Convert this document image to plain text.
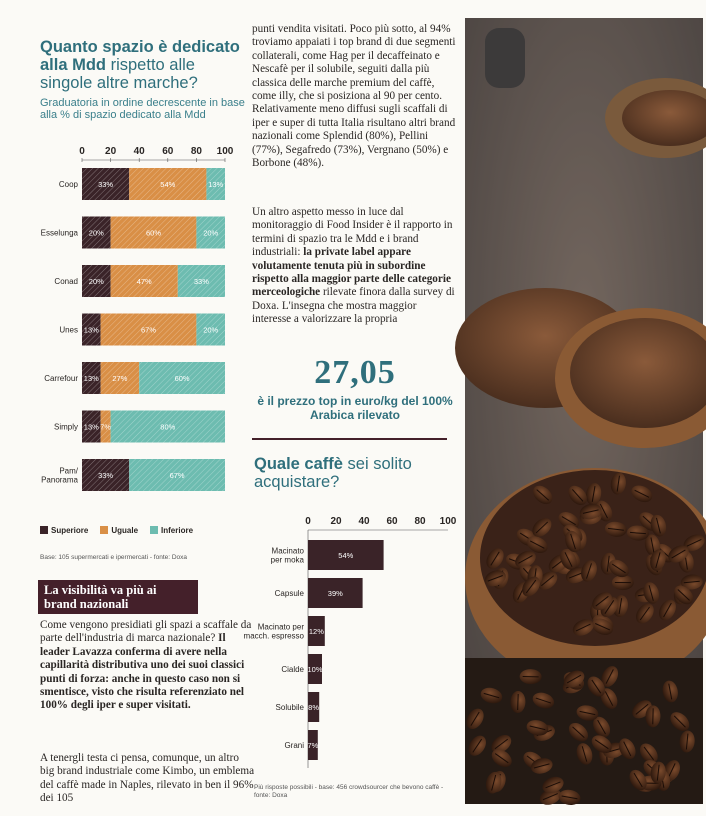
Quanto spazio è dedicato alla Mdd rispetto alle singole altre marche?
Graduatoria in ordine decrescente in base alla % di spazio dedicato alla Mdd
0 20 40 60 80 100
Coop	33%	54%	13%
Esselunga 20%	60%	20%
Conad 20%	47%	33%
Unes 13%	67%	20%
Carrefour 13% 27%	60%
Simply 13% 7%	80%
Pam/
Panorama	33%	67%
Superiore	Uguale	Inferiore
Base: 105 supermercati e ipermercati - fonte: Doxa
La visibilità va più ai brand nazionali
Come vengono presidiati gli spazi a scaffale da parte dell'industria di marca nazionale? Il leader Lavazza conferma di avere nella capillarità distributiva uno dei suoi classici punti di forza: anche in questo caso non si smentisce, visto che risulta referenziato nel 100% degli iper e super visitati.
A tenergli testa ci pensa, comunque, un altro big brand industriale come Kimbo, un emblema del caffè made in Naples, rilevato in ben il 96% dei 105
punti vendita visitati. Poco più sotto, al 94% troviamo appaiati i top brand di due segmenti collaterali, come Hag per il decaffeinato e Nescafè per il solubile, seguiti dalla più classica delle marche premium del caffè, come illy, che si posiziona al 90 per cento. Relativamente meno diffusi sugli scaffali di iper e super di tutta Italia risultano altri brand nazionali come Splendid (80%), Pellini (77%), Segafredo (73%), Vergnano (50%) e Borbone (48%).
Un altro aspetto messo in luce dal monitoraggio di Food Insider è il rapporto in termini di spazio tra le Mdd e i brand industriali: la private label appare volutamente tenuta più in subordine rispetto alla maggior parte delle categorie merceologiche rilevate finora dalla survey di Doxa. L'insegna che mostra maggior interesse a valorizzare la propria
27,05
è il prezzo top in euro/kg del 100% Arabica rilevato
Quale caffè sei solito acquistare?
0 20 40 60 80 100
Macinato
per moka	54%
Capsule	39%
Macinato per
macch. espresso 12%
Cialde 10%
Solubile 8%
Grani 7%
Più risposte possibili - base: 456 crowdsourcer che bevono caffè - fonte: Doxa
